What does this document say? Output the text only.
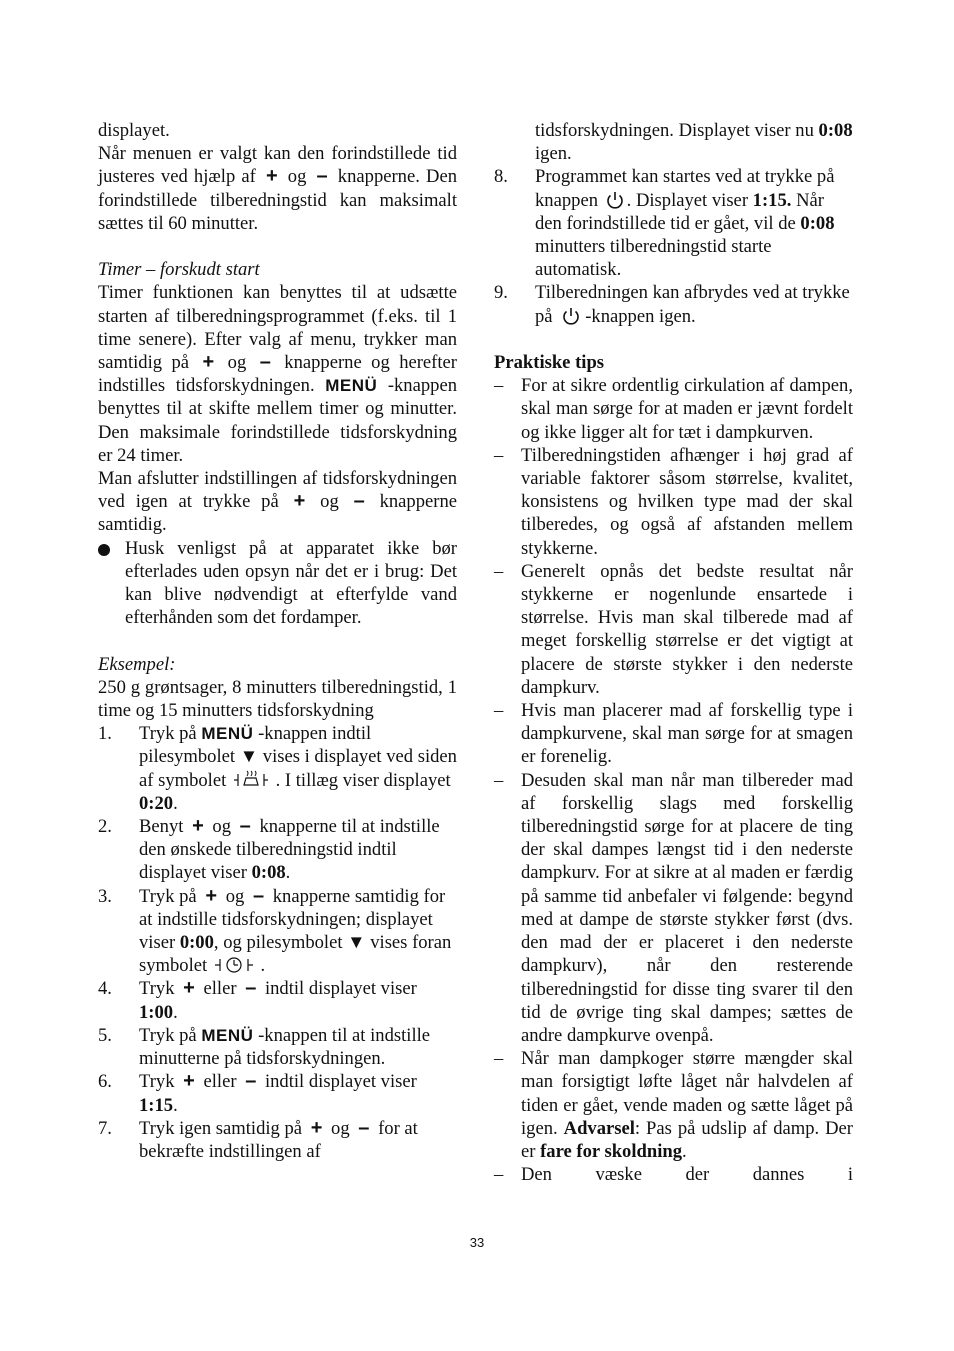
displayet.

Når menuen er valgt kan den forindstillede tid justeres ved hjælp af + og – knapperne. Den forindstillede tilberedningstid kan maksimalt sættes til 60 minutter.

Timer – forskudt start

Timer funktionen kan benyttes til at udsætte starten af tilberedningsprogrammet (f.eks. til 1 time senere). Efter valg af menu, trykker man samtidig på + og – knapperne og herefter indstilles tidsforskydningen. MENÜ -knappen benyttes til at skifte mellem timer og minutter. Den maksimale forindstillede tidsforskydning er 24 timer.

Man afslutter indstillingen af tidsforskydningen ved igen at trykke på + og – knapperne samtidig.

Husk venligst på at apparatet ikke bør efterlades uden opsyn når det er i brug: Det kan blive nødvendigt at efterfylde vand efterhånden som det fordamper.

Eksempel:

250 g grøntsager, 8 minutters tilberedningstid, 1 time og 15 minutters tidsforskydning

1. Tryk på MENÜ -knappen indtil pilesymbolet ▼ vises i displayet ved siden af symbolet	. I tillæg viser displayet 0:20.
2. Benyt + og – knapperne til at indstille den ønskede tilberedningstid indtil displayet viser 0:08.
3. Tryk på + og – knapperne samtidig for at indstille tidsforskydningen; displayet viser 0:00, og pilesymbolet ▼ vises foran symbolet	.
4. Tryk + eller – indtil displayet viser 1:00.
5. Tryk på MENÜ -knappen til at indstille minutterne på tidsforskydningen.
6. Tryk + eller – indtil displayet viser 1:15.
7. Tryk igen samtidig på + og – for at bekræfte indstillingen af
tidsforskydningen. Displayet viser nu 0:08 igen.
8. Programmet kan startes ved at trykke på knappen . Displayet viser 1:15. Når den forindstillede tid er gået, vil de 0:08 minutters tilberedningstid starte automatisk.
9. Tilberedningen kan afbrydes ved at trykke på -knappen igen.

Praktiske tips

– For at sikre ordentlig cirkulation af dampen, skal man sørge for at maden er jævnt fordelt og ikke ligger alt for tæt i dampkurven.
– Tilberedningstiden afhænger i høj grad af variable faktorer såsom størrelse, kvalitet, konsistens og hvilken type mad der skal tilberedes, og også af afstanden mellem stykkerne.
– Generelt opnås det bedste resultat når stykkerne er nogenlunde ensartede i størrelse. Hvis man skal tilberede mad af meget forskellig størrelse er det vigtigt at placere de største stykker i den nederste dampkurv.
– Hvis man placerer mad af forskellig type i dampkurvene, skal man sørge for at smagen er forenelig.
– Desuden skal man når man tilbereder mad af forskellig slags med forskellig tilberedningstid sørge for at placere de ting der skal dampes længst tid i den nederste dampkurv. For at sikre at al maden er færdig på samme tid anbefaler vi følgende: begynd med at dampe de største stykker først (dvs. den mad der er placeret i den nederste dampkurv), når den resterende tilberedningstid for disse ting svarer til den tid de øvrige ting skal dampes; sættes de andre dampkurve ovenpå.
– Når man dampkoger større mængder skal man forsigtigt løfte låget når halvdelen af tiden er gået, vende maden og sætte låget på igen. Advarsel: Pas på udslip af damp. Der er fare for skoldning.
– Den væske der dannes i
33
